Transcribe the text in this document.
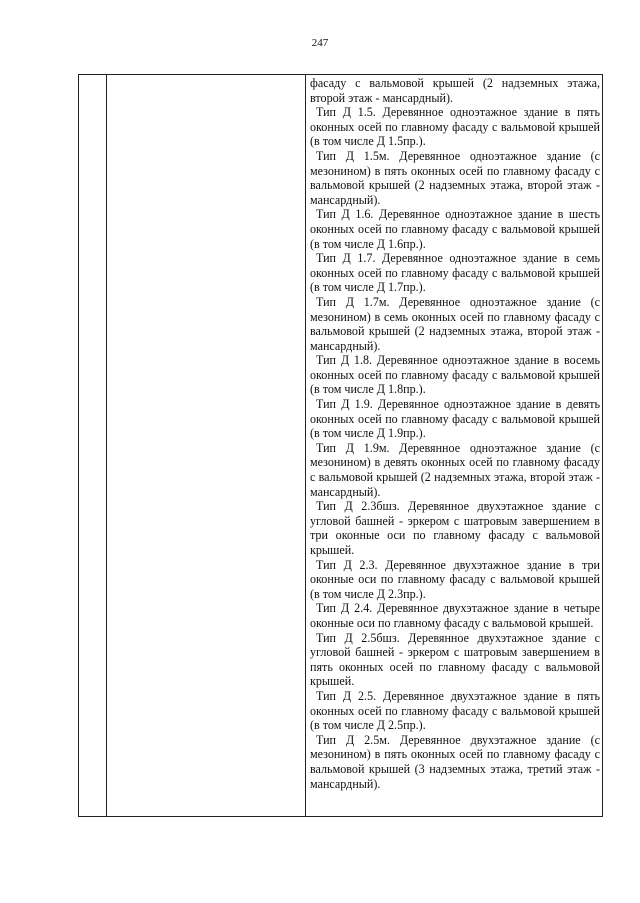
247

фасаду с вальмовой крышей (2 надземных этажа, второй этаж - мансардный).

Тип Д 1.5. Деревянное одноэтажное здание в пять оконных осей по главному фасаду с вальмовой крышей (в том числе Д 1.5пр.).

Тип Д 1.5м. Деревянное одноэтажное здание (с мезонином) в пять оконных осей по главному фасаду с вальмовой крышей (2 надземных этажа, второй этаж - мансардный).

Тип Д 1.6. Деревянное одноэтажное здание в шесть оконных осей по главному фасаду с вальмовой крышей (в том числе Д 1.6пр.).

Тип Д 1.7. Деревянное одноэтажное здание в семь оконных осей по главному фасаду с вальмовой крышей (в том числе Д 1.7пр.).

Тип Д 1.7м. Деревянное одноэтажное здание (с мезонином) в семь оконных осей по главному фасаду с вальмовой крышей (2 надземных этажа, второй этаж - мансардный).

Тип Д 1.8. Деревянное одноэтажное здание в восемь оконных осей по главному фасаду с вальмовой крышей (в том числе Д 1.8пр.).

Тип Д 1.9. Деревянное одноэтажное здание в девять оконных осей по главному фасаду с вальмовой крышей (в том числе Д 1.9пр.).

Тип Д 1.9м. Деревянное одноэтажное здание (с мезонином) в девять оконных осей по главному фасаду с вальмовой крышей (2 надземных этажа, второй этаж - мансардный).

Тип Д 2.3бшз. Деревянное двухэтажное здание с угловой башней - эркером с шатровым завершением в три оконные оси по главному фасаду с вальмовой крышей.

Тип Д 2.3. Деревянное двухэтажное здание в три оконные оси по главному фасаду с вальмовой крышей (в том числе Д 2.3пр.).

Тип Д 2.4. Деревянное двухэтажное здание в четыре оконные оси по главному фасаду с вальмовой крышей.

Тип Д 2.5бшз. Деревянное двухэтажное здание с угловой башней - эркером с шатровым завершением в пять оконных осей по главному фасаду с вальмовой крышей.

Тип Д 2.5. Деревянное двухэтажное здание в пять оконных осей по главному фасаду с вальмовой крышей (в том числе Д 2.5пр.).

Тип Д 2.5м. Деревянное двухэтажное здание (с мезонином) в пять оконных осей по главному фасаду с вальмовой крышей (3 надземных этажа, третий этаж - мансардный).
